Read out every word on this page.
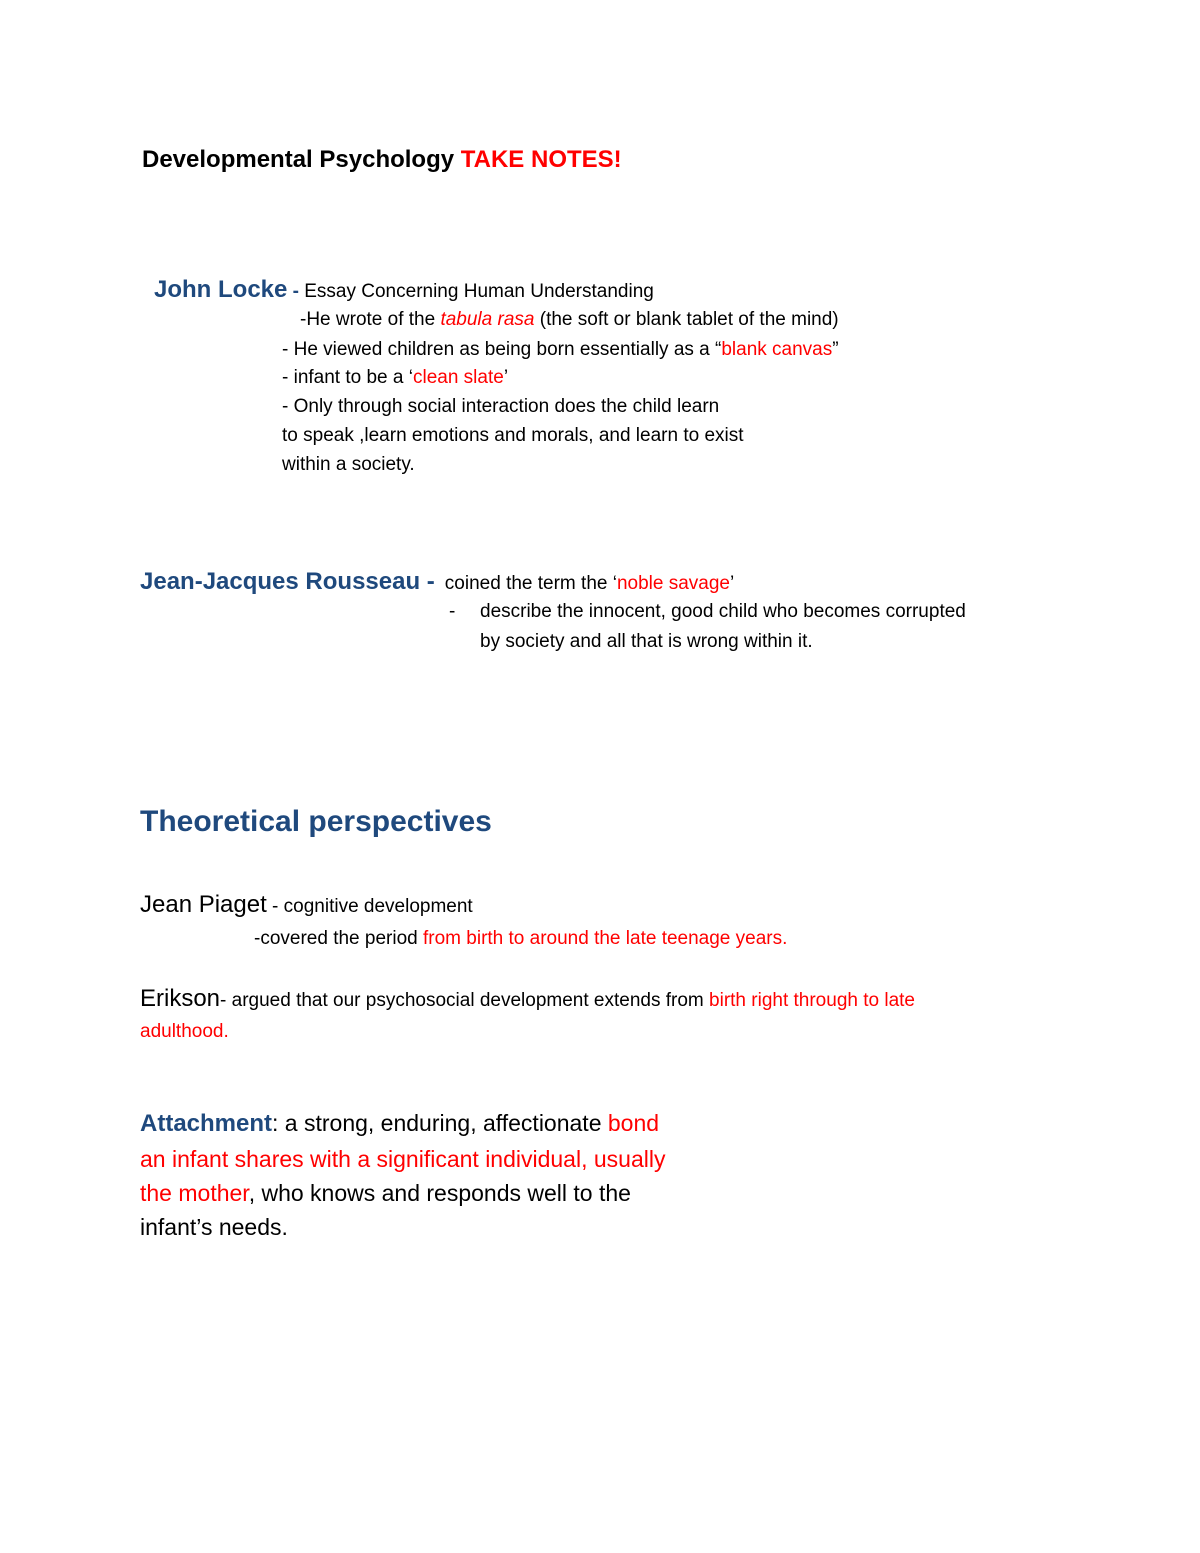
Developmental Psychology TAKE NOTES!
John Locke - Essay Concerning Human Understanding
-He wrote of the tabula rasa (the soft or blank tablet of the mind)
- He viewed children as being born essentially as a “blank canvas”
- infant to be a ‘clean slate’
- Only through social interaction does the child learn
to speak ,learn emotions and morals, and learn to exist
within a society.
Jean-Jacques Rousseau - coined the term the ‘noble savage’
- describe the innocent, good child who becomes corrupted
by society and all that is wrong within it.
Theoretical perspectives
Jean Piaget - cognitive development
-covered the period from birth to around the late teenage years.
Erikson- argued that our psychosocial development extends from birth right through to late
adulthood.
Attachment: a strong, enduring, affectionate bond
an infant shares with a significant individual, usually
the mother, who knows and responds well to the
infant’s needs.
